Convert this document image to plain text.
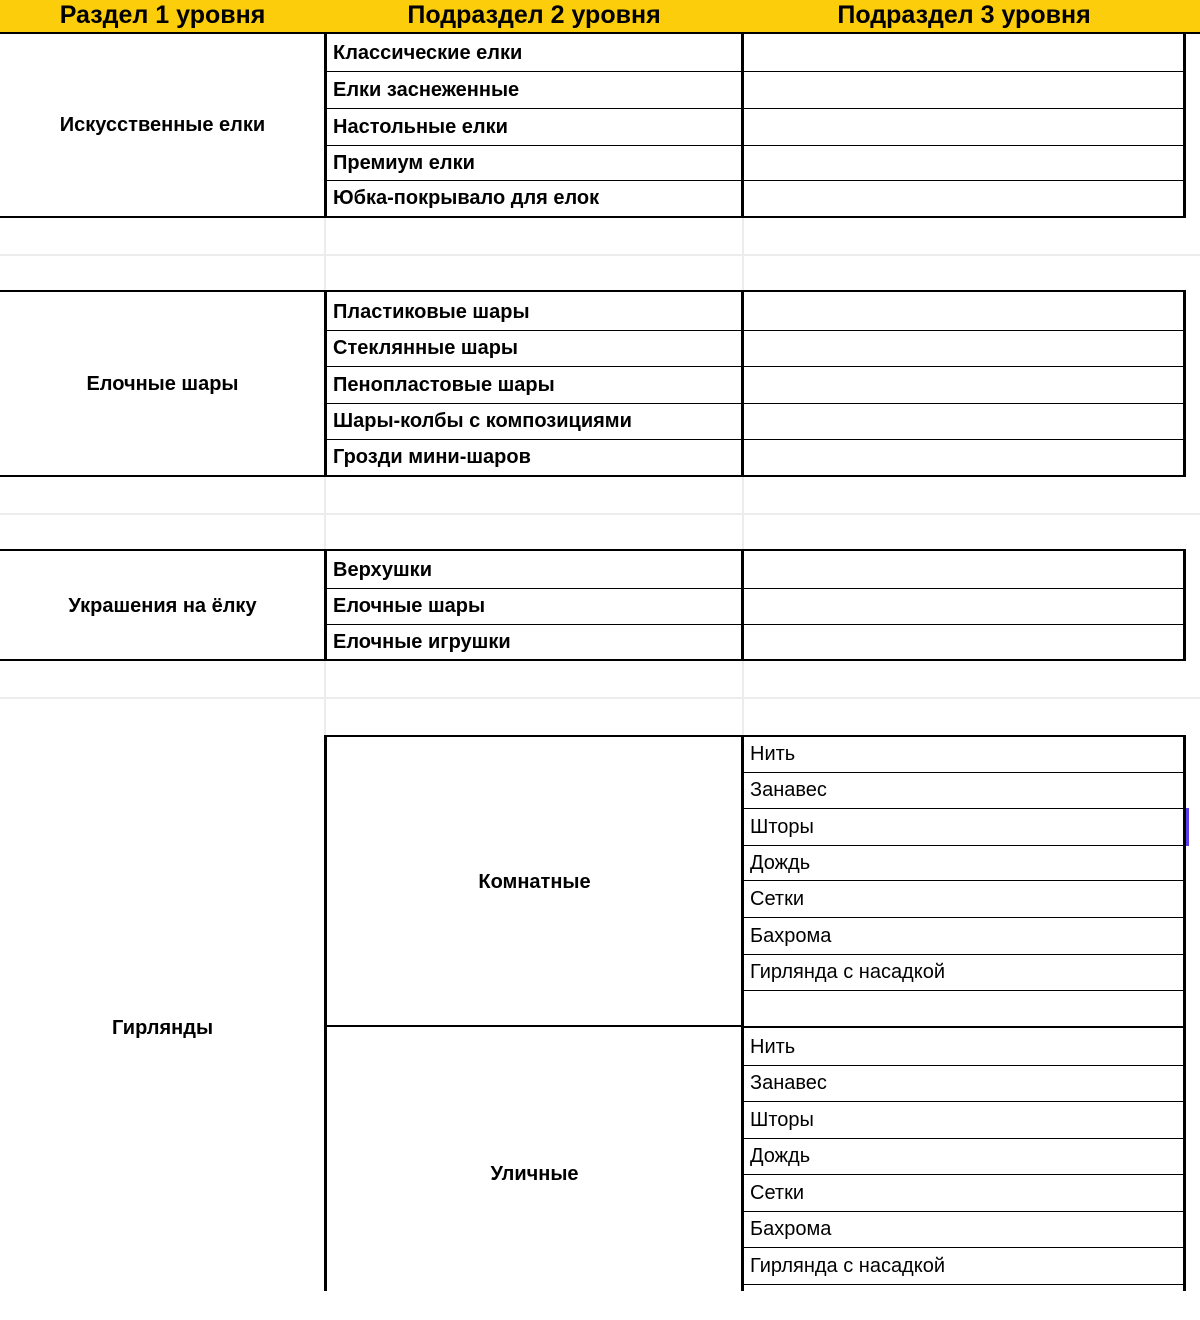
Раздел 1 уровня	Подраздел 2 уровня	Подраздел 3 уровня
Искусственные елки
Классические елки
Елки заснеженные
Настольные елки
Премиум елки
Юбка-покрывало для елок
Елочные шары
Пластиковые шары
Стеклянные шары
Пенопластовые шары
Шары-колбы с композициями
Грозди мини-шаров
Украшения на ёлку
Верхушки
Елочные шары
Елочные игрушки
Гирлянды
Комнатные
Уличные
Нить
Занавес
Шторы
Дождь
Сетки
Бахрома
Гирлянда с насадкой
Нить
Занавес
Шторы
Дождь
Сетки
Бахрома
Гирлянда с насадкой
